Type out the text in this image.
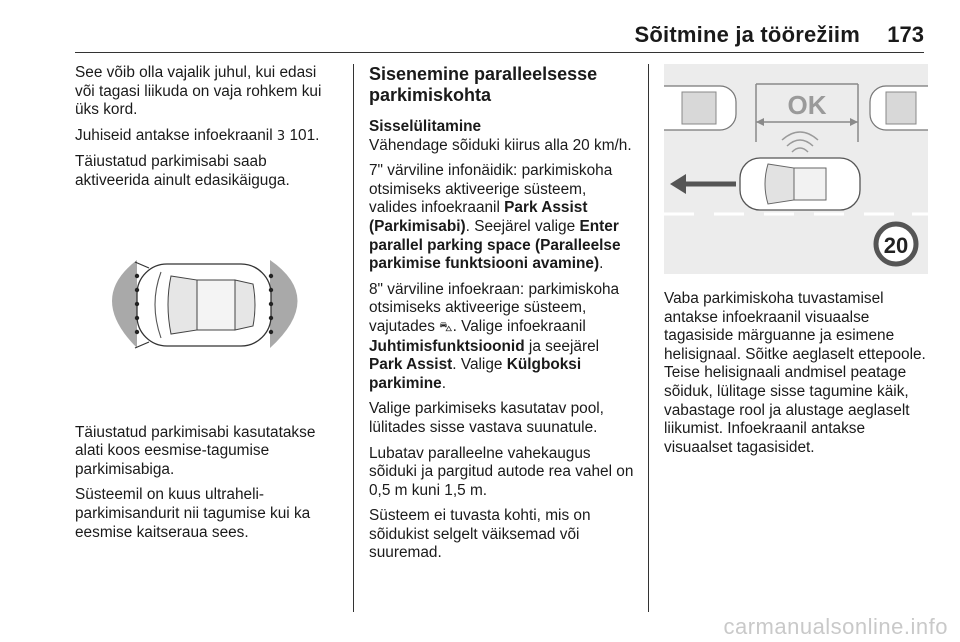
Sõitmine ja töörežiim 173

See võib olla vajalik juhul, kui edasi või tagasi liikuda on vaja rohkem kui üks kord.

Juhiseid antakse infoekraanil 3 101.

Täiustatud parkimisabi saab aktiveerida ainult edasikäiguga.

Täiustatud parkimisabi kasutatakse alati koos eesmise-tagumise parkimisabiga.

Süsteemil on kuus ultraheli-parkimisandurit nii tagumise kui ka eesmise kaitseraua sees.

Sisenemine paralleelsesse parkimiskohta
Sisselülitamine

Vähendage sõiduki kiirus alla 20 km/h.

7" värviline infonäidik: parkimiskoha otsimiseks aktiveerige süsteem, valides infoekraanil Park Assist (Parkimisabi). Seejärel valige Enter parallel parking space (Paralleelse parkimise funktsiooni avamine).

8" värviline infoekraan: parkimiskoha otsimiseks aktiveerige süsteem, vajutades ⛍. Valige infoekraanil Juhtimisfunktsioonid ja seejärel Park Assist. Valige Külgboksi parkimine.

Valige parkimiseks kasutatav pool, lülitades sisse vastava suunatule.

Lubatav paralleelne vahekaugus sõiduki ja pargitud autode rea vahel on 0,5 m kuni 1,5 m.

Süsteem ei tuvasta kohti, mis on sõidukist selgelt väiksemad või suuremad.

OK
20

Vaba parkimiskoha tuvastamisel antakse infoekraanil visuaalse tagasiside märguanne ja esimene helisignaal. Sõitke aeglaselt ettepoole. Teise helisignaali andmisel peatage sõiduk, lülitage sisse tagumine käik, vabastage rool ja alustage aeglaselt liikumist. Infoekraanil antakse visuaalset tagasisidet.

carmanualsonline.info
